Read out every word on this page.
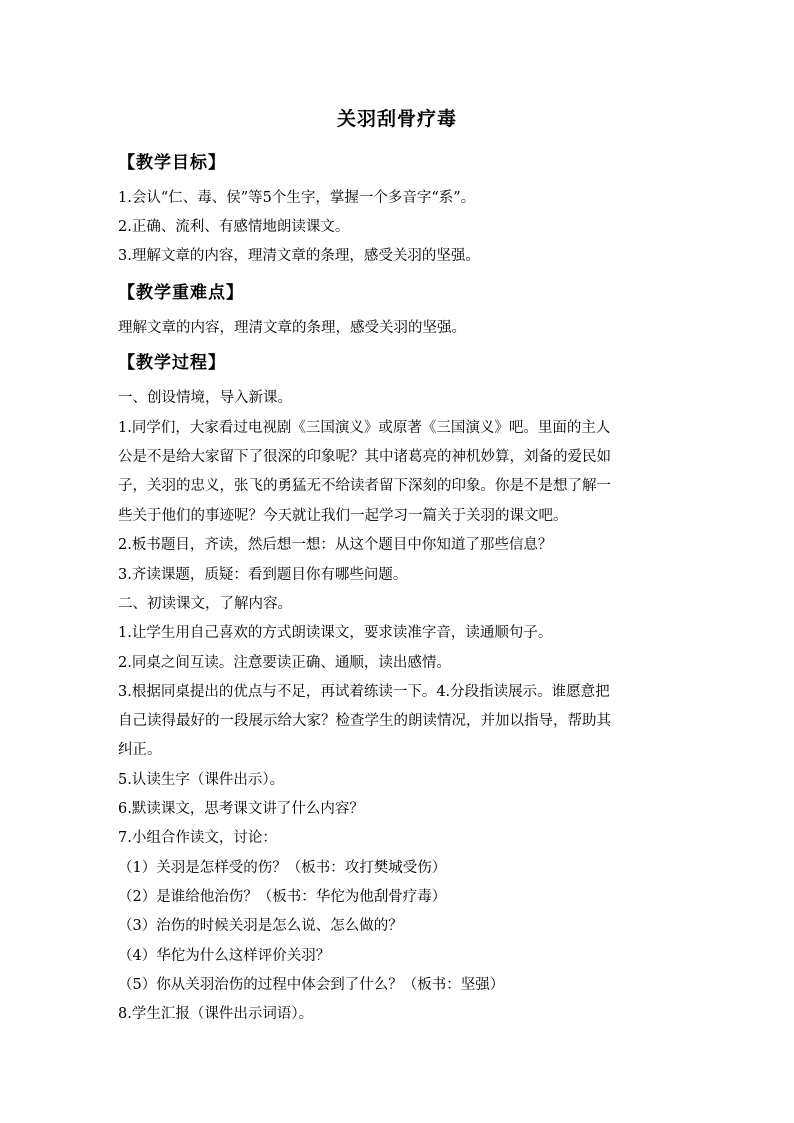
关羽刮骨疗毒
【教学目标】
1.会认“仁、毒、侯”等5个生字，掌握一个多音字“系”。
2.正确、流利、有感情地朗读课文。
3.理解文章的内容，理清文章的条理，感受关羽的坚强。
【教学重难点】
理解文章的内容，理清文章的条理，感受关羽的坚强。
【教学过程】
一、创设情境，导入新课。
1.同学们，大家看过电视剧《三国演义》或原著《三国演义》吧。里面的主人
公是不是给大家留下了很深的印象呢？其中诸葛亮的神机妙算，刘备的爱民如
子，关羽的忠义，张飞的勇猛无不给读者留下深刻的印象。你是不是想了解一
些关于他们的事迹呢？今天就让我们一起学习一篇关于关羽的课文吧。
2.板书题目，齐读，然后想一想：从这个题目中你知道了那些信息？
3.齐读课题，质疑：看到题目你有哪些问题。
二、初读课文，了解内容。
1.让学生用自己喜欢的方式朗读课文，要求读准字音，读通顺句子。
2.同桌之间互读。注意要读正确、通顺，读出感情。
3.根据同桌提出的优点与不足，再试着练读一下。4.分段指读展示。谁愿意把
自己读得最好的一段展示给大家？检查学生的朗读情况，并加以指导，帮助其
纠正。
5.认读生字（课件出示）。
6.默读课文，思考课文讲了什么内容？
7.小组合作读文，讨论：
（1）关羽是怎样受的伤？（板书：攻打樊城受伤）
（2）是谁给他治伤？（板书：华佗为他刮骨疗毒）
（3）治伤的时候关羽是怎么说、怎么做的？
（4）华佗为什么这样评价关羽？
（5）你从关羽治伤的过程中体会到了什么？（板书：坚强）
8.学生汇报（课件出示词语）。
